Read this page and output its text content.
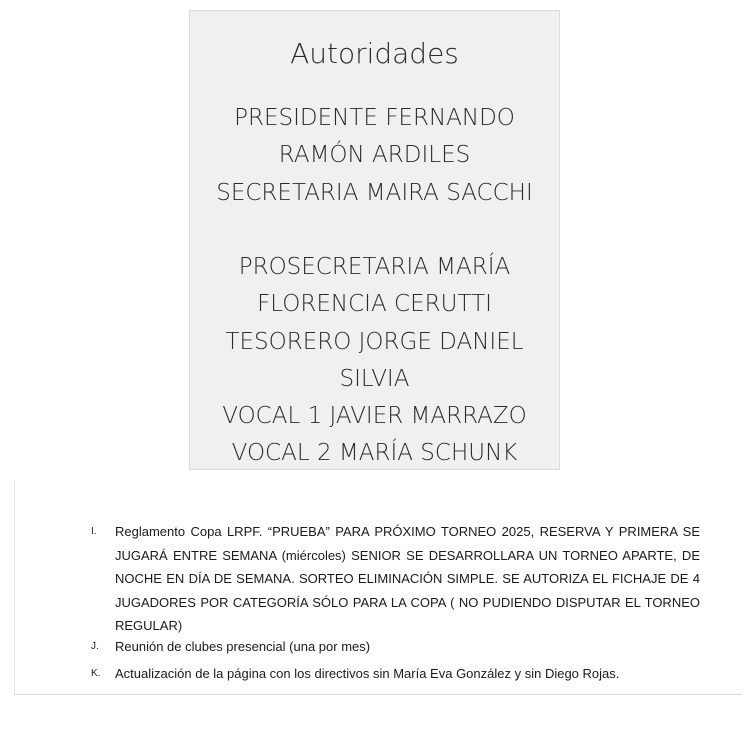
Autoridades
PRESIDENTE FERNANDO
RAMÓN ARDILES
SECRETARIA MAIRA SACCHI
PROSECRETARIA MARÍA
FLORENCIA CERUTTI
TESORERO JORGE DANIEL
SILVIA
VOCAL 1 JAVIER MARRAZO
VOCAL 2 MARÍA SCHUNK
I.	Reglamento Copa LRPF. “PRUEBA” PARA PRÓXIMO TORNEO 2025, RESERVA Y PRIMERA SE JUGARÁ ENTRE SEMANA (miércoles) SENIOR SE DESARROLLARA UN TORNEO APARTE, DE NOCHE EN DÍA DE SEMANA. SORTEO ELIMINACIÓN SIMPLE. SE AUTORIZA EL FICHAJE DE 4 JUGADORES POR CATEGORÍA SÓLO PARA LA COPA ( NO PUDIENDO DISPUTAR EL TORNEO REGULAR)
J.	Reunión de clubes presencial (una por mes)
K.	Actualización de la página con los directivos sin María Eva González y sin Diego Rojas.
